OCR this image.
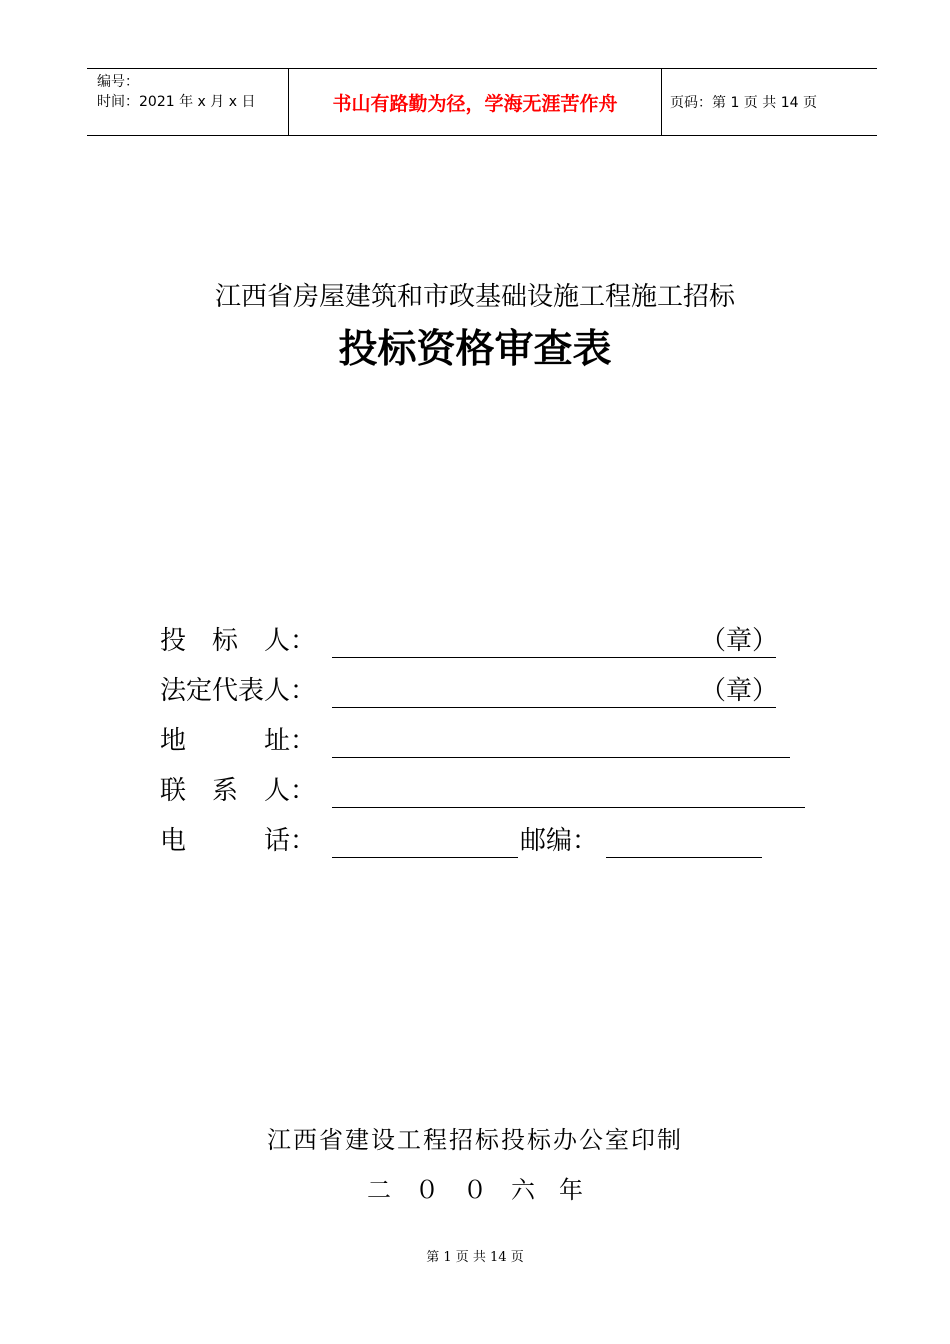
编号：
时间：2021 年 x 月 x 日	书山有路勤为径，学海无涯苦作舟	页码：第 1 页 共 14 页
江西省房屋建筑和市政基础设施工程施工招标
投标资格审查表
投　标　人：	（章）
法定代表人：	（章）
地　　　址：
联　系　人：
电　　　话：	邮编：
江西省建设工程招标投标办公室印制
二　０　０　六　年
第 1 页 共 14 页
